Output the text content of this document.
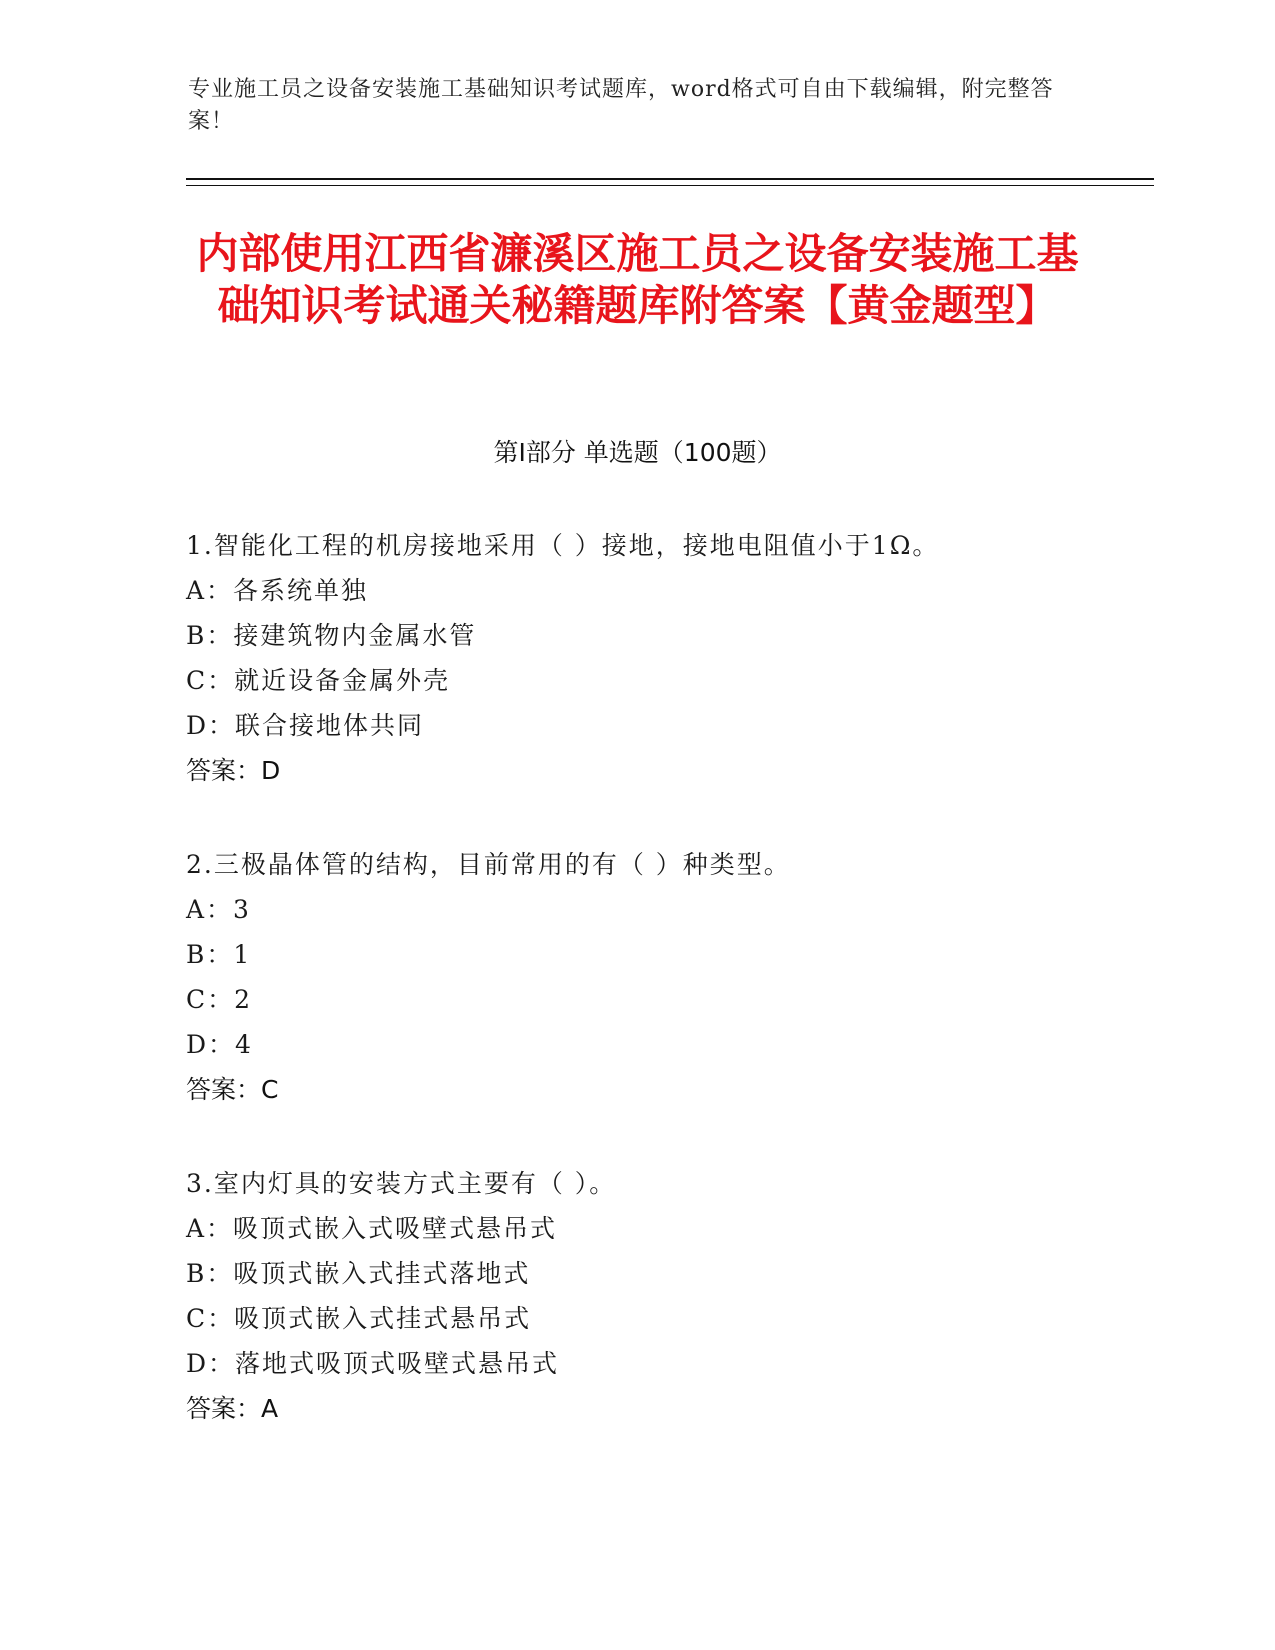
专业施工员之设备安装施工基础知识考试题库，word格式可自由下载编辑，附完整答案！
内部使用江西省濂溪区施工员之设备安装施工基础知识考试通关秘籍题库附答案【黄金题型】
第Ⅰ部分 单选题（100题）
1.智能化工程的机房接地采用（ ）接地，接地电阻值小于1Ω。
A：各系统单独
B：接建筑物内金属水管
C：就近设备金属外壳
D：联合接地体共同
答案：D
2.三极晶体管的结构，目前常用的有（ ）种类型。
A：3
B：1
C：2
D：4
答案：C
3.室内灯具的安装方式主要有（ ）。
A：吸顶式嵌入式吸壁式悬吊式
B：吸顶式嵌入式挂式落地式
C：吸顶式嵌入式挂式悬吊式
D：落地式吸顶式吸壁式悬吊式
答案：A
